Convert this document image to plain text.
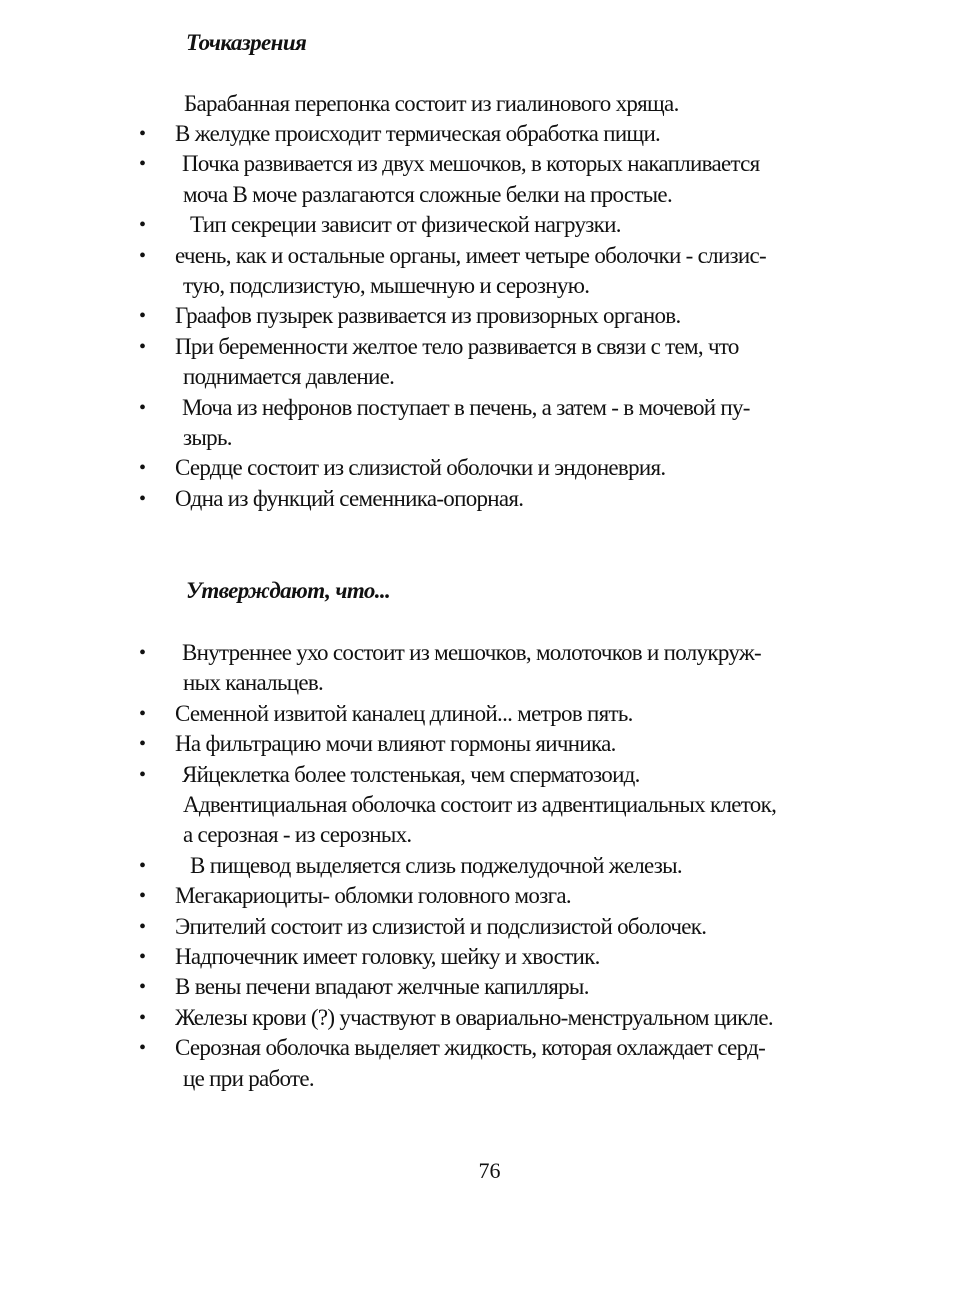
Точказрения

Барабанная перепонка состоит из гиалинового хряща.

•	В желудке происходит термическая обработка пищи.
•	Почка развивается из двух мешочков, в которых накапливается
моча В моче разлагаются сложные белки на простые.
•	Тип секреции зависит от физической нагрузки.
•	ечень, как и остальные органы, имеет четыре оболочки - слизис-
тую, подслизистую, мышечную и серозную.
•	Граафов пузырек развивается из провизорных органов.
•	При беременности желтое тело развивается в связи с тем, что
поднимается давление.
•	Моча из нефронов поступает в печень, а затем - в мочевой пу-
зырь.
•	Сердце состоит из слизистой оболочки и эндоневрия.
•	Одна из функций семенника-опорная.
Утверждают, что...
•	Внутреннее ухо состоит из мешочков, молоточков и полукруж-
ных канальцев.
•	Семенной извитой каналец длиной... метров пять.
•	На фильтрацию мочи влияют гормоны яичника.
•	Яйцеклетка более толстенькая, чем сперматозоид.
Адвентициальная оболочка состоит из адвентициальных клеток,
а серозная - из серозных.
•	В пищевод выделяется слизь поджелудочной железы.
•	Мегакариоциты- обломки головного мозга.
•	Эпителий состоит из слизистой и подслизистой оболочек.
•	Надпочечник имеет головку, шейку и хвостик.
•	В вены печени впадают желчные капилляры.
•	Железы крови (?) участвуют в овариально-менструальном цикле.
•	Серозная оболочка выделяет жидкость, которая охлаждает серд-
це при работе.

76
